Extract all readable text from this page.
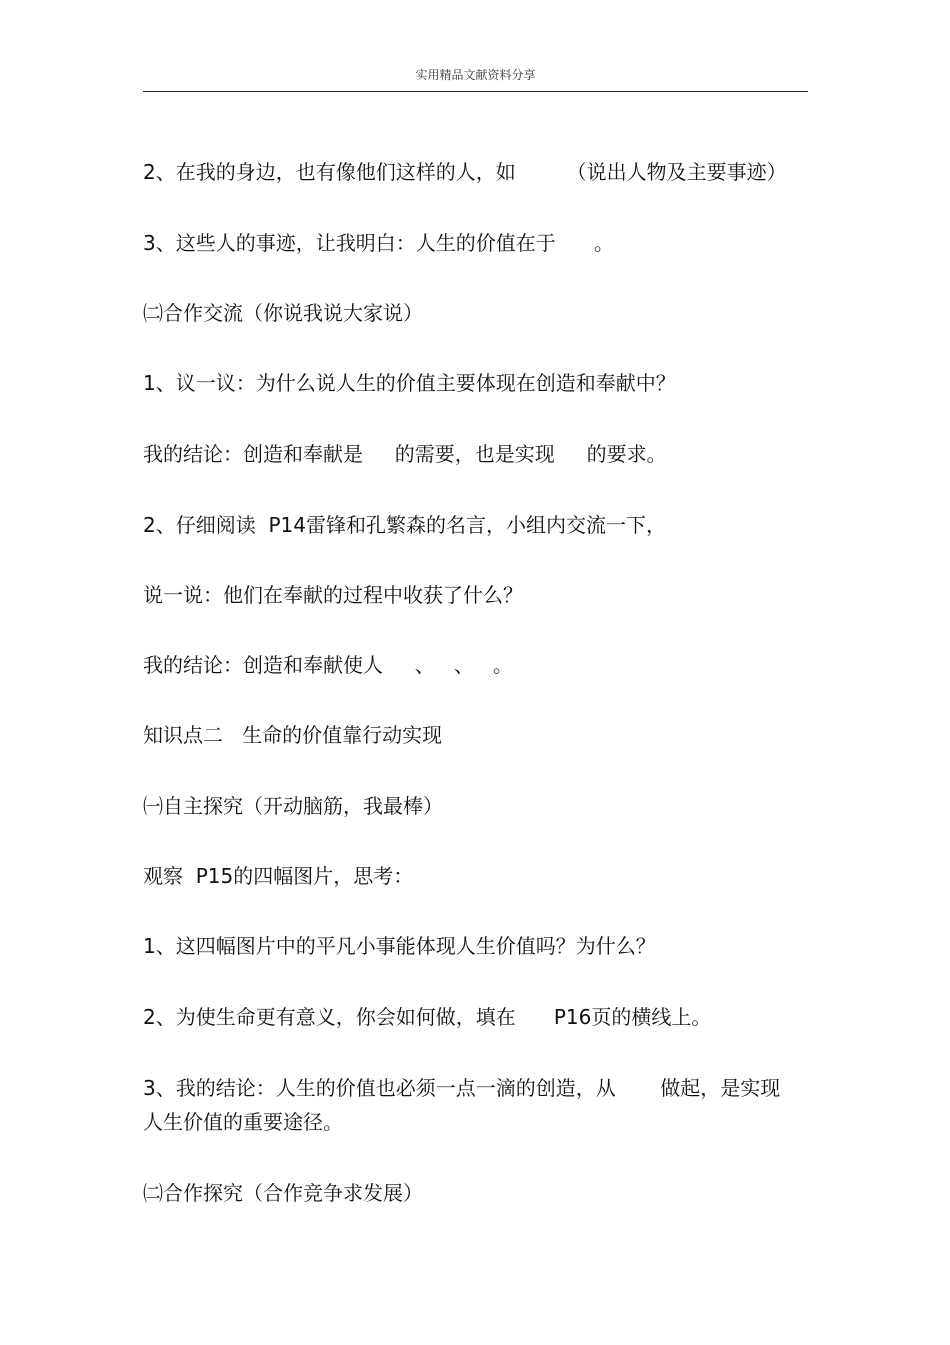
实用精品文献资料分享
2、在我的身边，也有像他们这样的人，如        （说出人物及主要事迹）
3、这些人的事迹，让我明白：人生的价值在于      。
㈡合作交流（你说我说大家说）
1、议一议：为什么说人生的价值主要体现在创造和奉献中？
我的结论：创造和奉献是     的需要，也是实现     的要求。
2、仔细阅读  P14雷锋和孔繁森的名言，小组内交流一下，
说一说：他们在奉献的过程中收获了什么？
我的结论：创造和奉献使人     、   、   。
知识点二   生命的价值靠行动实现
㈠自主探究（开动脑筋，我最棒）
观察  P15的四幅图片，思考：
1、这四幅图片中的平凡小事能体现人生价值吗？为什么？
2、为使生命更有意义，你会如何做，填在      P16页的横线上。
3、我的结论：人生的价值也必须一点一滴的创造，从       做起，是实现
人生价值的重要途径。
㈡合作探究（合作竞争求发展）
